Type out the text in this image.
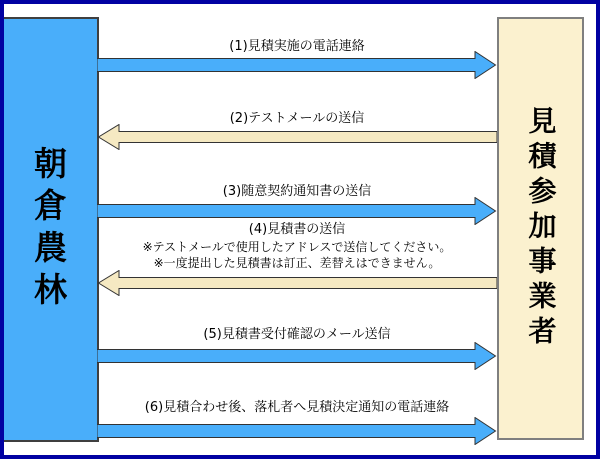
朝倉農林	見積参加事業者
(1)見積実施の電話連絡
(2)テストメールの送信
(3)随意契約通知書の送信
(4)見積書の送信
※テストメールで使用したアドレスで送信してください。
※一度提出した見積書は訂正、差替えはできません。
(5)見積書受付確認のメール送信
(6)見積合わせ後、落札者へ見積決定通知の電話連絡
